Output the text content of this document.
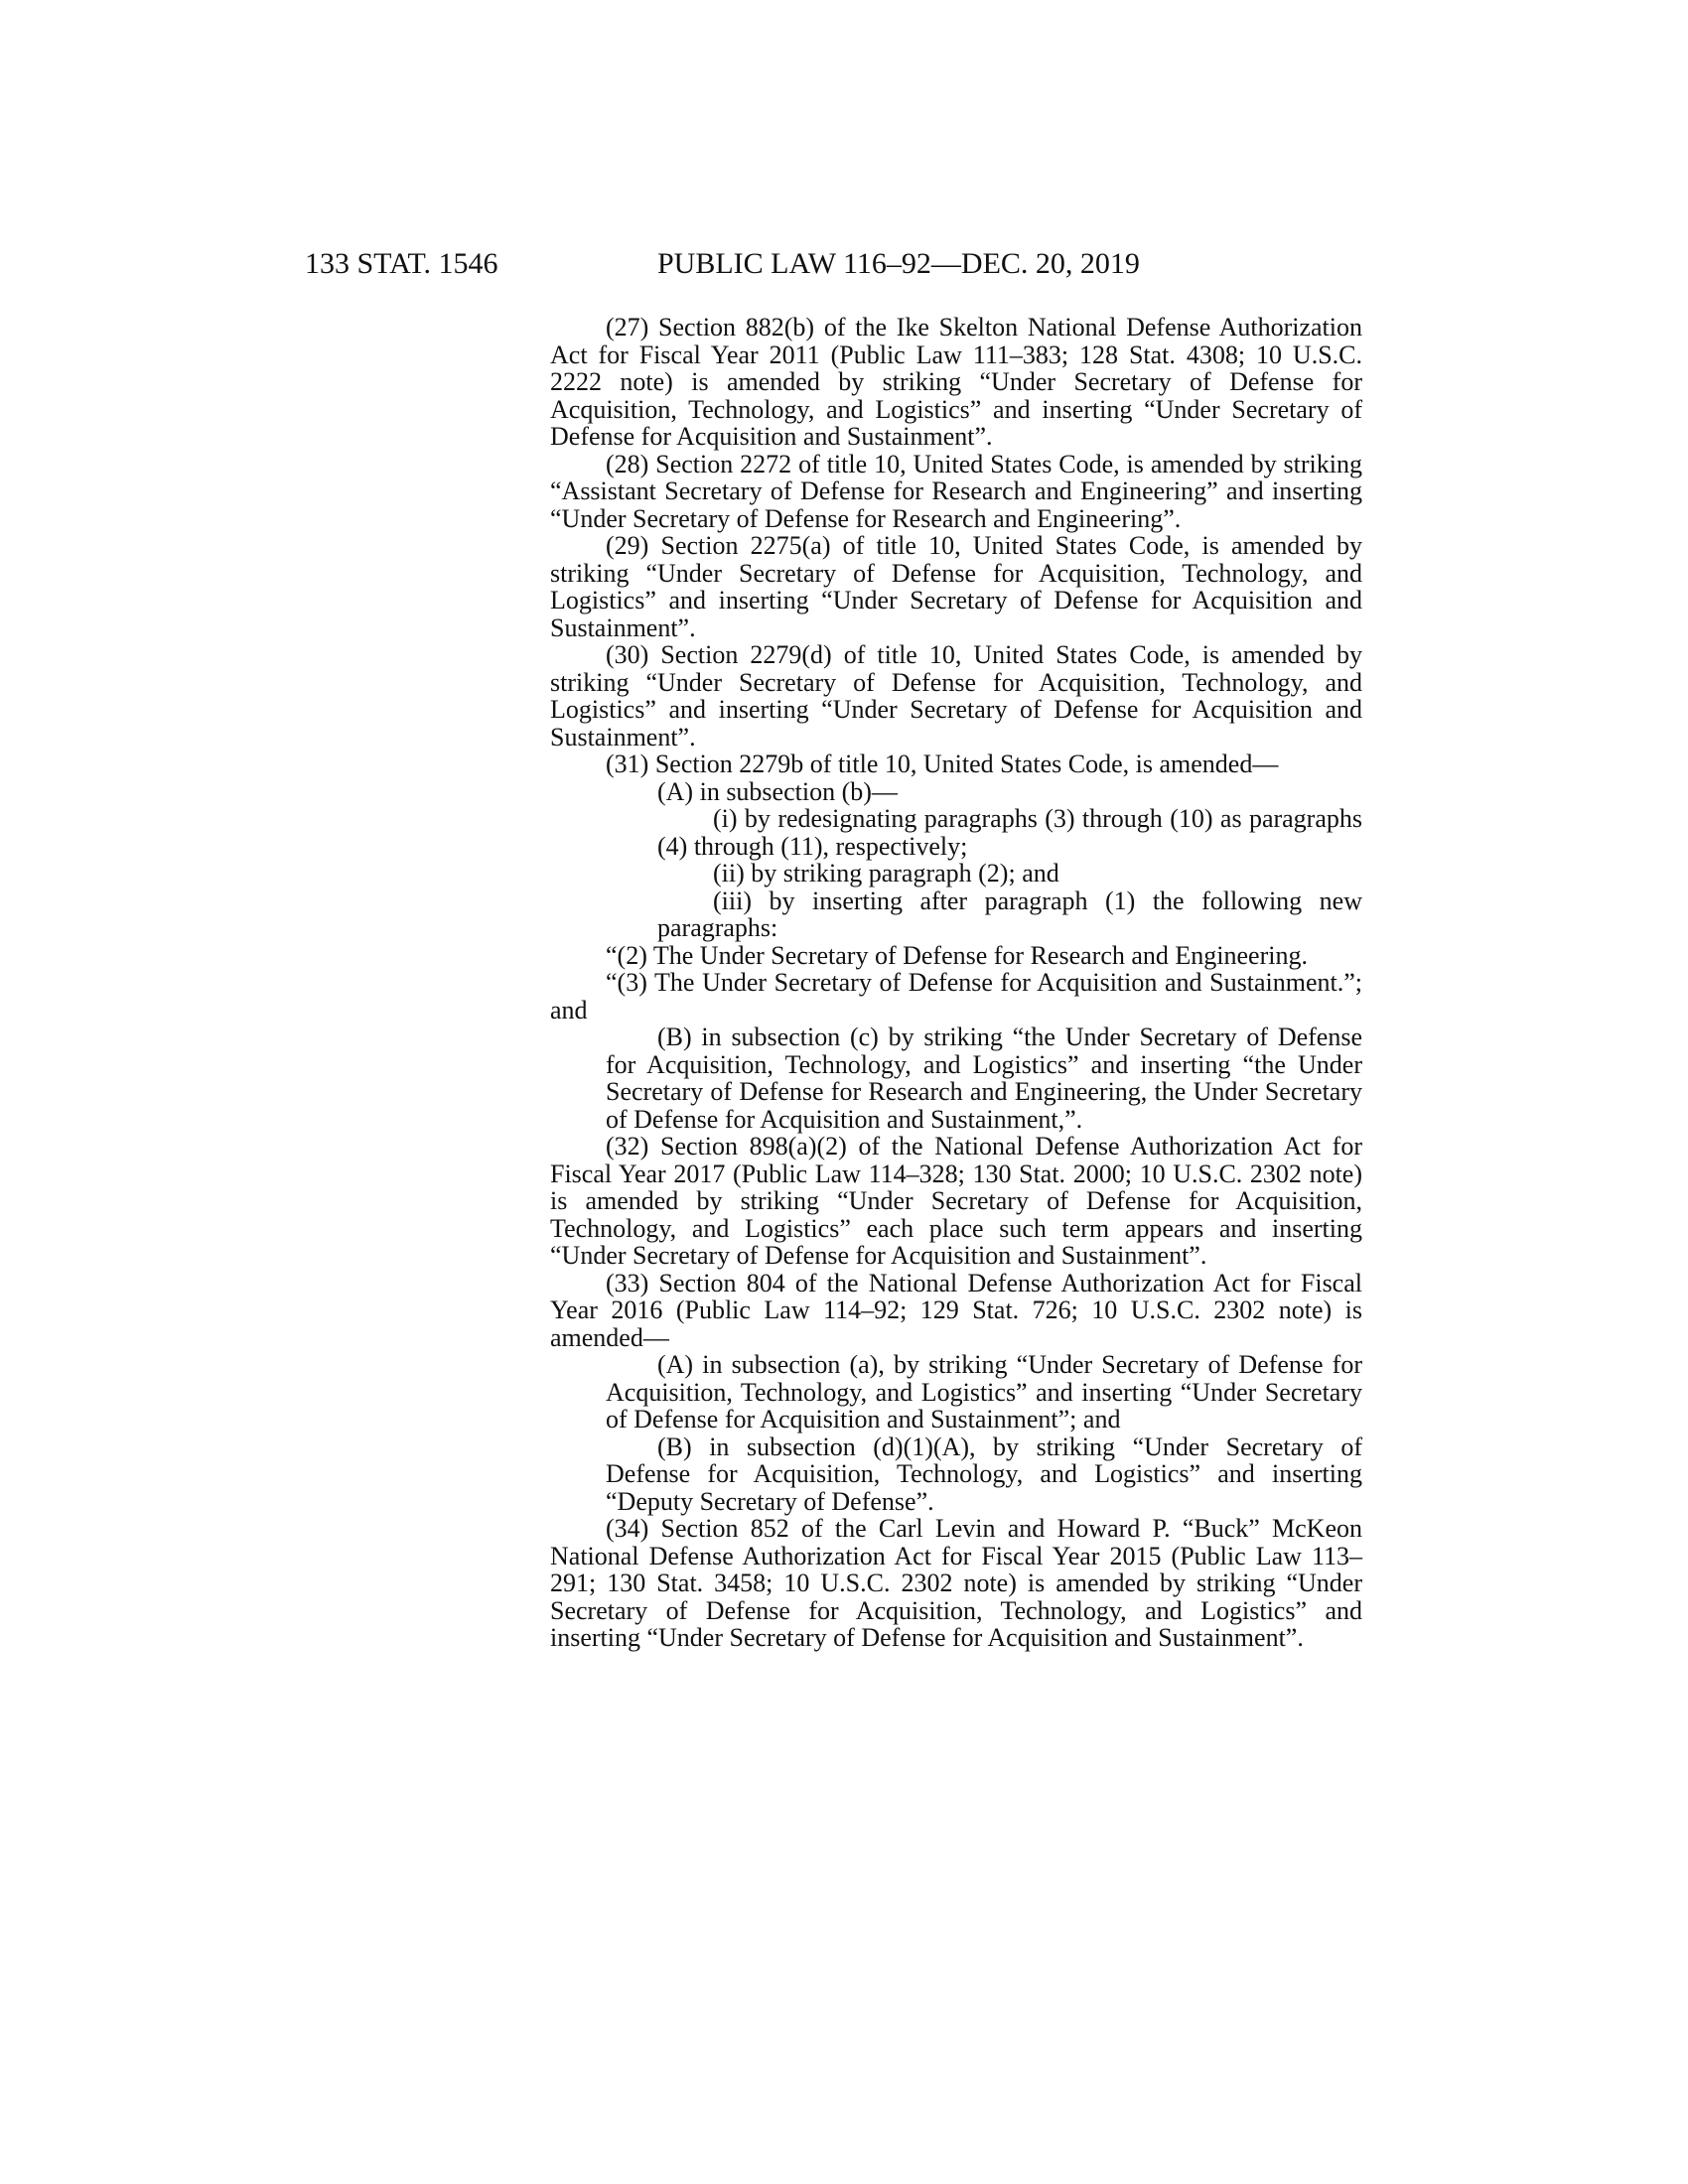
133 STAT. 1546	PUBLIC LAW 116–92—DEC. 20, 2019

(27) Section 882(b) of the Ike Skelton National Defense Authorization Act for Fiscal Year 2011 (Public Law 111–383; 128 Stat. 4308; 10 U.S.C. 2222 note) is amended by striking “Under Secretary of Defense for Acquisition, Technology, and Logistics” and inserting “Under Secretary of Defense for Acquisition and Sustainment”.

(28) Section 2272 of title 10, United States Code, is amended by striking “Assistant Secretary of Defense for Research and Engineering” and inserting “Under Secretary of Defense for Research and Engineering”.

(29) Section 2275(a) of title 10, United States Code, is amended by striking “Under Secretary of Defense for Acquisition, Technology, and Logistics” and inserting “Under Secretary of Defense for Acquisition and Sustainment”.

(30) Section 2279(d) of title 10, United States Code, is amended by striking “Under Secretary of Defense for Acquisition, Technology, and Logistics” and inserting “Under Secretary of Defense for Acquisition and Sustainment”.

(31) Section 2279b of title 10, United States Code, is amended—

(A) in subsection (b)—

(i) by redesignating paragraphs (3) through (10) as paragraphs (4) through (11), respectively;

(ii) by striking paragraph (2); and

(iii) by inserting after paragraph (1) the following new paragraphs:

“(2) The Under Secretary of Defense for Research and Engineering.

“(3) The Under Secretary of Defense for Acquisition and Sustainment.”; and

(B) in subsection (c) by striking “the Under Secretary of Defense for Acquisition, Technology, and Logistics” and inserting “the Under Secretary of Defense for Research and Engineering, the Under Secretary of Defense for Acquisition and Sustainment,”.

(32) Section 898(a)(2) of the National Defense Authorization Act for Fiscal Year 2017 (Public Law 114–328; 130 Stat. 2000; 10 U.S.C. 2302 note) is amended by striking “Under Secretary of Defense for Acquisition, Technology, and Logistics” each place such term appears and inserting “Under Secretary of Defense for Acquisition and Sustainment”.

(33) Section 804 of the National Defense Authorization Act for Fiscal Year 2016 (Public Law 114–92; 129 Stat. 726; 10 U.S.C. 2302 note) is amended—

(A) in subsection (a), by striking “Under Secretary of Defense for Acquisition, Technology, and Logistics” and inserting “Under Secretary of Defense for Acquisition and Sustainment”; and

(B) in subsection (d)(1)(A), by striking “Under Secretary of Defense for Acquisition, Technology, and Logistics” and inserting “Deputy Secretary of Defense”.

(34) Section 852 of the Carl Levin and Howard P. “Buck” McKeon National Defense Authorization Act for Fiscal Year 2015 (Public Law 113–291; 130 Stat. 3458; 10 U.S.C. 2302 note) is amended by striking “Under Secretary of Defense for Acquisition, Technology, and Logistics” and inserting “Under Secretary of Defense for Acquisition and Sustainment”.
